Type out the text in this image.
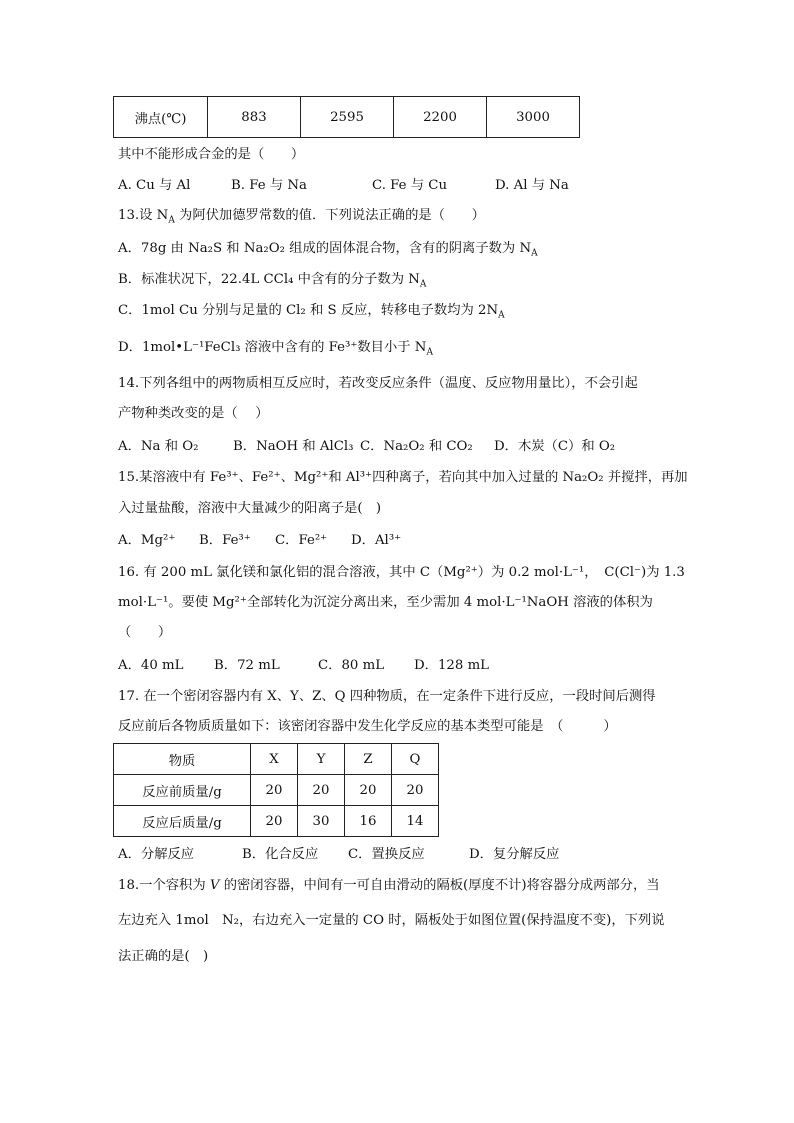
沸点(℃)	883	2595	2200	3000
其中不能形成合金的是（　　）
A. Cu 与 Al	B. Fe 与 Na	C. Fe 与 Cu	D. Al 与 Na
13.设 $N_A$ 为阿伏加德罗常数的值．下列说法正确的是（　　）
A．78g 由 Na₂S 和 Na₂O₂ 组成的固体混合物，含有的阴离子数为 $N_A$
B．标准状况下，22.4L CCl₄ 中含有的分子数为 $N_A$
C．1mol Cu 分别与足量的 Cl₂ 和 S 反应，转移电子数均为 $2N_A$
D．1mol•L⁻¹FeCl₃ 溶液中含有的 Fe³⁺数目小于 $N_A$
14.下列各组中的两物质相互反应时，若改变反应条件（温度、反应物用量比），不会引起
产物种类改变的是（　 ）
A．Na 和 O₂	B．NaOH 和 AlCl₃ C．Na₂O₂ 和 CO₂ D．木炭（C）和 O₂
15.某溶液中有 Fe³⁺、Fe²⁺、Mg²⁺和 Al³⁺四种离子，若向其中加入过量的 Na₂O₂ 并搅拌，再加
入过量盐酸，溶液中大量减少的阳离子是(　)
A．Mg²⁺ B．Fe³⁺ C．Fe²⁺ D．Al³⁺
16. 有 200 mL 氯化镁和氯化铝的混合溶液，其中 C（Mg²⁺）为 0.2 mol·L⁻¹，　C(Cl⁻)为 1.3
mol·L⁻¹。要使 Mg²⁺全部转化为沉淀分离出来，至少需加 4 mol·L⁻¹NaOH 溶液的体积为
（　　）
A．40 mL B．72 mL	C．80 mL D．128 mL
17. 在一个密闭容器内有 X、Y、Z、Q 四种物质，在一定条件下进行反应，一段时间后测得
反应前后各物质质量如下：该密闭容器中发生化学反应的基本类型可能是　（　　　）
物质	X	Y	Z	Q
反应前质量/g	20	20	20	20
反应后质量/g	20	30	16	14
A．分解反应	B．化合反应 C．置换反应	D．复分解反应
18.一个容积为 V 的密闭容器，中间有一可自由滑动的隔板(厚度不计)将容器分成两部分，当
左边充入 1mol　N₂，右边充入一定量的 CO 时，隔板处于如图位置(保持温度不变)，下列说
法正确的是(　)
